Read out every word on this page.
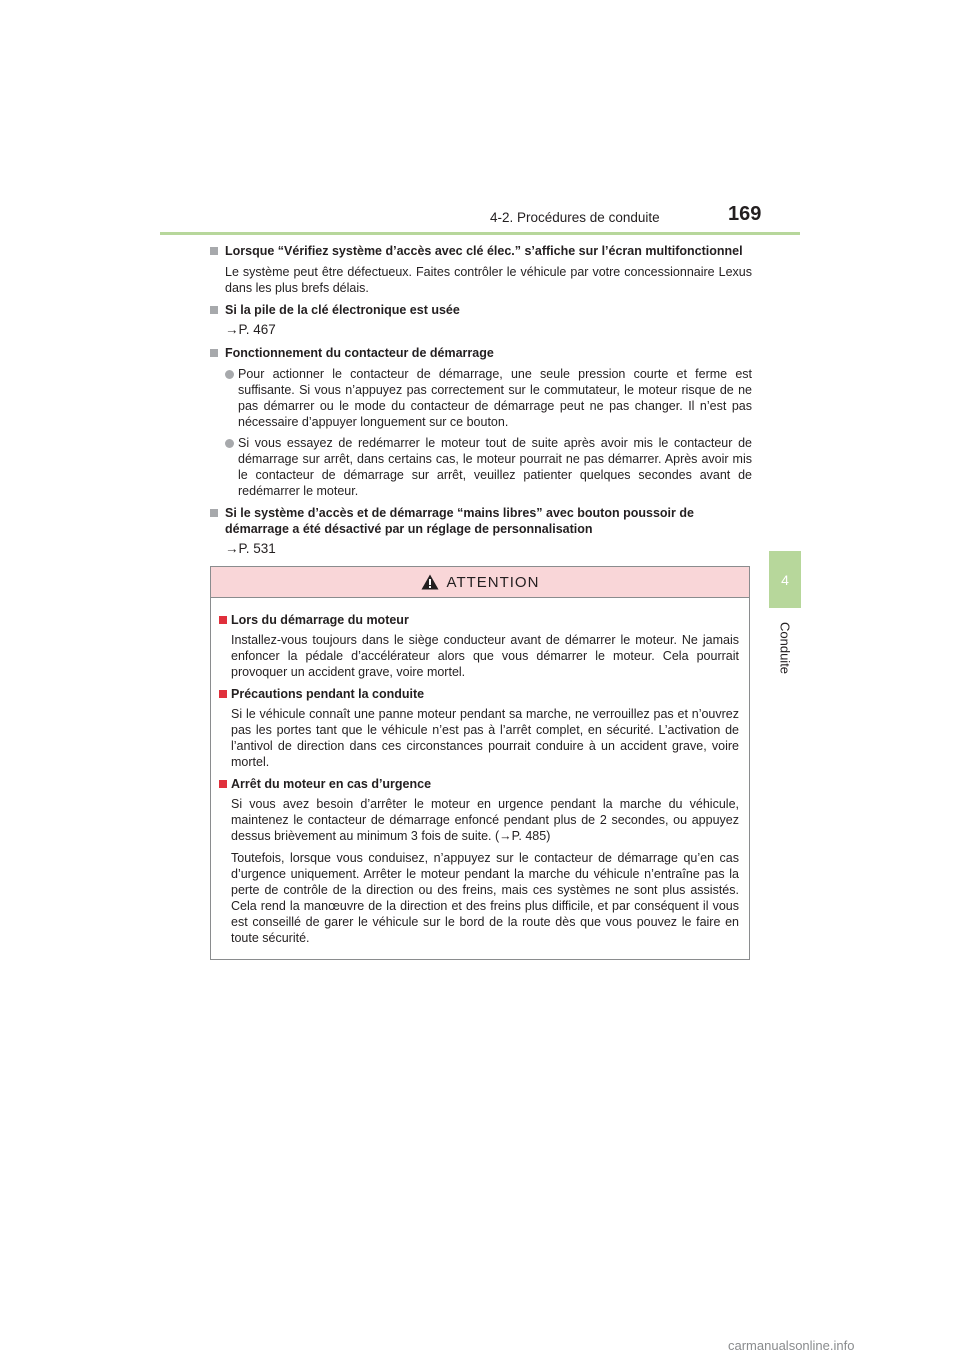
4-2. Procédures de conduite	169
4
Conduite
Lorsque “Vérifiez système d’accès avec clé élec.” s’affiche sur l’écran multifonctionnel
Le système peut être défectueux. Faites contrôler le véhicule par votre concessionnaire Lexus dans les plus brefs délais.
Si la pile de la clé électronique est usée
→P. 467
Fonctionnement du contacteur de démarrage
Pour actionner le contacteur de démarrage, une seule pression courte et ferme est suffisante. Si vous n’appuyez pas correctement sur le commutateur, le moteur risque de ne pas démarrer ou le mode du contacteur de démarrage peut ne pas changer. Il n’est pas nécessaire d’appuyer longuement sur ce bouton.
Si vous essayez de redémarrer le moteur tout de suite après avoir mis le contacteur de démarrage sur arrêt, dans certains cas, le moteur pourrait ne pas démarrer. Après avoir mis le contacteur de démarrage sur arrêt, veuillez patienter quelques secondes avant de redémarrer le moteur.
Si le système d’accès et de démarrage “mains libres” avec bouton poussoir de démarrage a été désactivé par un réglage de personnalisation
→P. 531
ATTENTION
Lors du démarrage du moteur
Installez-vous toujours dans le siège conducteur avant de démarrer le moteur. Ne jamais enfoncer la pédale d’accélérateur alors que vous démarrer le moteur. Cela pourrait provoquer un accident grave, voire mortel.
Précautions pendant la conduite
Si le véhicule connaît une panne moteur pendant sa marche, ne verrouillez pas et n’ouvrez pas les portes tant que le véhicule n’est pas à l’arrêt complet, en sécurité. L’activation de l’antivol de direction dans ces circonstances pourrait conduire à un accident grave, voire mortel.
Arrêt du moteur en cas d’urgence
Si vous avez besoin d’arrêter le moteur en urgence pendant la marche du véhicule, maintenez le contacteur de démarrage enfoncé pendant plus de 2 secondes, ou appuyez dessus brièvement au minimum 3 fois de suite. (→P. 485)
Toutefois, lorsque vous conduisez, n’appuyez sur le contacteur de démarrage qu’en cas d’urgence uniquement. Arrêter le moteur pendant la marche du véhicule n’entraîne pas la perte de contrôle de la direction ou des freins, mais ces systèmes ne sont plus assistés. Cela rend la manœuvre de la direction et des freins plus difficile, et par conséquent il vous est conseillé de garer le véhicule sur le bord de la route dès que vous pouvez le faire en toute sécurité.
carmanualsonline.info
